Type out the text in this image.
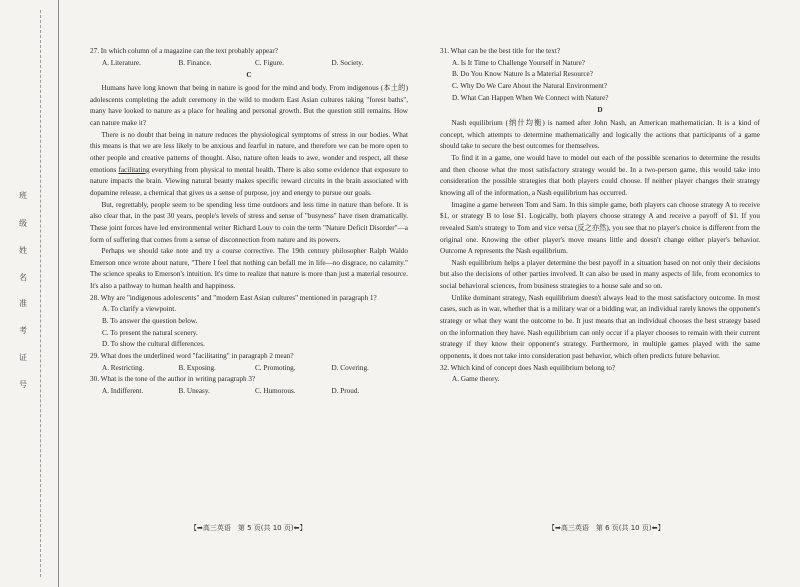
班
级
姓
名
准
考
证
号
27. In which column of a magazine can the text probably appear?
A. Literature.	B. Finance.	C. Figure.	D. Society.
C

Humans have long known that being in nature is good for the mind and body. From indigenous (本土的) adolescents completing the adult ceremony in the wild to modern East Asian cultures taking "forest baths", many have looked to nature as a place for healing and personal growth. But the question still remains. How can nature make it?

There is no doubt that being in nature reduces the physiological symptoms of stress in our bodies. What this means is that we are less likely to be anxious and fearful in nature, and therefore we can be more open to other people and creative patterns of thought. Also, nature often leads to awe, wonder and respect, all these emotions facilitating everything from physical to mental health. There is also some evidence that exposure to nature impacts the brain. Viewing natural beauty makes specific reward circuits in the brain associated with dopamine release, a chemical that gives us a sense of purpose, joy and energy to pursue our goals.

But, regrettably, people seem to be spending less time outdoors and less time in nature than before. It is also clear that, in the past 30 years, people's levels of stress and sense of "busyness" have risen dramatically. These joint forces have led environmental writer Richard Louv to coin the term "Nature Deficit Disorder"—a form of suffering that comes from a sense of disconnection from nature and its powers.

Perhaps we should take note and try a course corrective. The 19th century philosopher Ralph Waldo Emerson once wrote about nature, "There I feel that nothing can befall me in life—no disgrace, no calamity." The science speaks to Emerson's intuition. It's time to realize that nature is more than just a material resource. It's also a pathway to human health and happiness.

28. Why are "indigenous adolescents" and "modern East Asian cultures" mentioned in paragraph 1?
A. To clarify a viewpoint.
B. To answer the question below.
C. To present the natural scenery.
D. To show the cultural differences.
29. What does the underlined word "facilitating" in paragraph 2 mean?
A. Restricting.	B. Exposing.	C. Promoting.	D. Covering.
30. What is the tone of the author in writing paragraph 3?
A. Indifferent.	B. Uneasy.	C. Humorous.	D. Proud.
31. What can be the best title for the text?
A. Is It Time to Challenge Yourself in Nature?
B. Do You Know Nature Is a Material Resource?
C. Why Do We Care About the Natural Environment?
D. What Can Happen When We Connect with Nature?
D

Nash equilibrium (纳什均衡) is named after John Nash, an American mathematician. It is a kind of concept, which attempts to determine mathematically and logically the actions that participants of a game should take to secure the best outcomes for themselves.

To find it in a game, one would have to model out each of the possible scenarios to determine the results and then choose what the most satisfactory strategy would be. In a two-person game, this would take into consideration the possible strategies that both players could choose. If neither player changes their strategy knowing all of the information, a Nash equilibrium has occurred.

Imagine a game between Tom and Sam. In this simple game, both players can choose strategy A to receive $1, or strategy B to lose $1. Logically, both players choose strategy A and receive a payoff of $1. If you revealed Sam's strategy to Tom and vice versa (反之亦然), you see that no player's choice is different from the original one. Knowing the other player's move means little and doesn't change either player's behavior. Outcome A represents the Nash equilibrium.

Nash equilibrium helps a player determine the best payoff in a situation based on not only their decisions but also the decisions of other parties involved. It can also be used in many aspects of life, from economics to social behavioral sciences, from business strategies to a house sale and so on.

Unlike dominant strategy, Nash equilibrium doesn't always lead to the most satisfactory outcome. In most cases, such as in war, whether that is a military war or a bidding war, an individual rarely knows the opponent's strategy or what they want the outcome to be. It just means that an individual chooses the best strategy based on the information they have. Nash equilibrium can only occur if a player chooses to remain with their current strategy if they know their opponent's strategy. Furthermore, in multiple games played with the same opponents, it does not take into consideration past behavior, which often predicts future behavior.

32. Which kind of concept does Nash equilibrium belong to?
A. Game theory.
【➡高三英语　第 5 页(共 10 页)⬅】	【➡高三英语　第 6 页(共 10 页)⬅】
